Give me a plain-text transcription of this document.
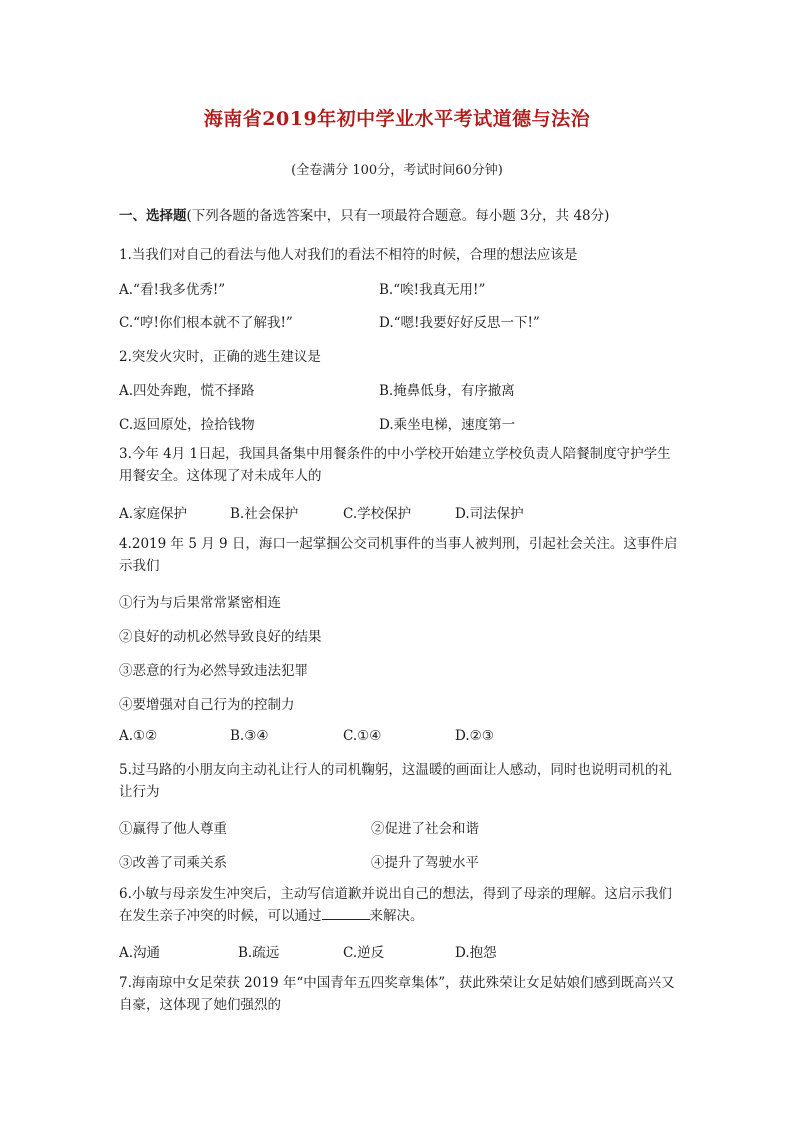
海南省2019年初中学业水平考试道德与法治
(全卷满分 100分，考试时间60分钟)
一、选择题(下列各题的备选答案中，只有一项最符合题意。每小题 3分，共 48分)
1.当我们对自己的看法与他人对我们的看法不相符的时候，合理的想法应该是
A.“看!我多优秀!”	B.“唉!我真无用!”
C.“哼!你们根本就不了解我!”	D.“嗯!我要好好反思一下!”
2.突发火灾时，正确的逃生建议是
A.四处奔跑，慌不择路	B.掩鼻低身，有序撤离
C.返回原处，捡拾钱物	D.乘坐电梯，速度第一
3.今年 4月 1日起，我国具备集中用餐条件的中小学校开始建立学校负责人陪餐制度守护学生用餐安全。这体现了对未成年人的
A.家庭保护	B.社会保护	C.学校保护	D.司法保护
4.2019 年 5 月 9 日，海口一起掌掴公交司机事件的当事人被判刑，引起社会关注。这事件启示我们
①行为与后果常常紧密相连
②良好的动机必然导致良好的结果
③恶意的行为必然导致违法犯罪
④要增强对自己行为的控制力
A.①②	B.③④	C.①④	D.②③
5.过马路的小朋友向主动礼让行人的司机鞠躬，这温暖的画面让人感动，同时也说明司机的礼让行为
①赢得了他人尊重	②促进了社会和谐
③改善了司乘关系	④提升了驾驶水平
6.小敏与母亲发生冲突后，主动写信道歉并说出自己的想法，得到了母亲的理解。这启示我们在发生亲子冲突的时候，可以通过	来解决。
A.沟通	B.疏远	C.逆反	D.抱怨
7.海南琼中女足荣获 2019 年“中国青年五四奖章集体”，获此殊荣让女足姑娘们感到既高兴又自豪，这体现了她们强烈的
